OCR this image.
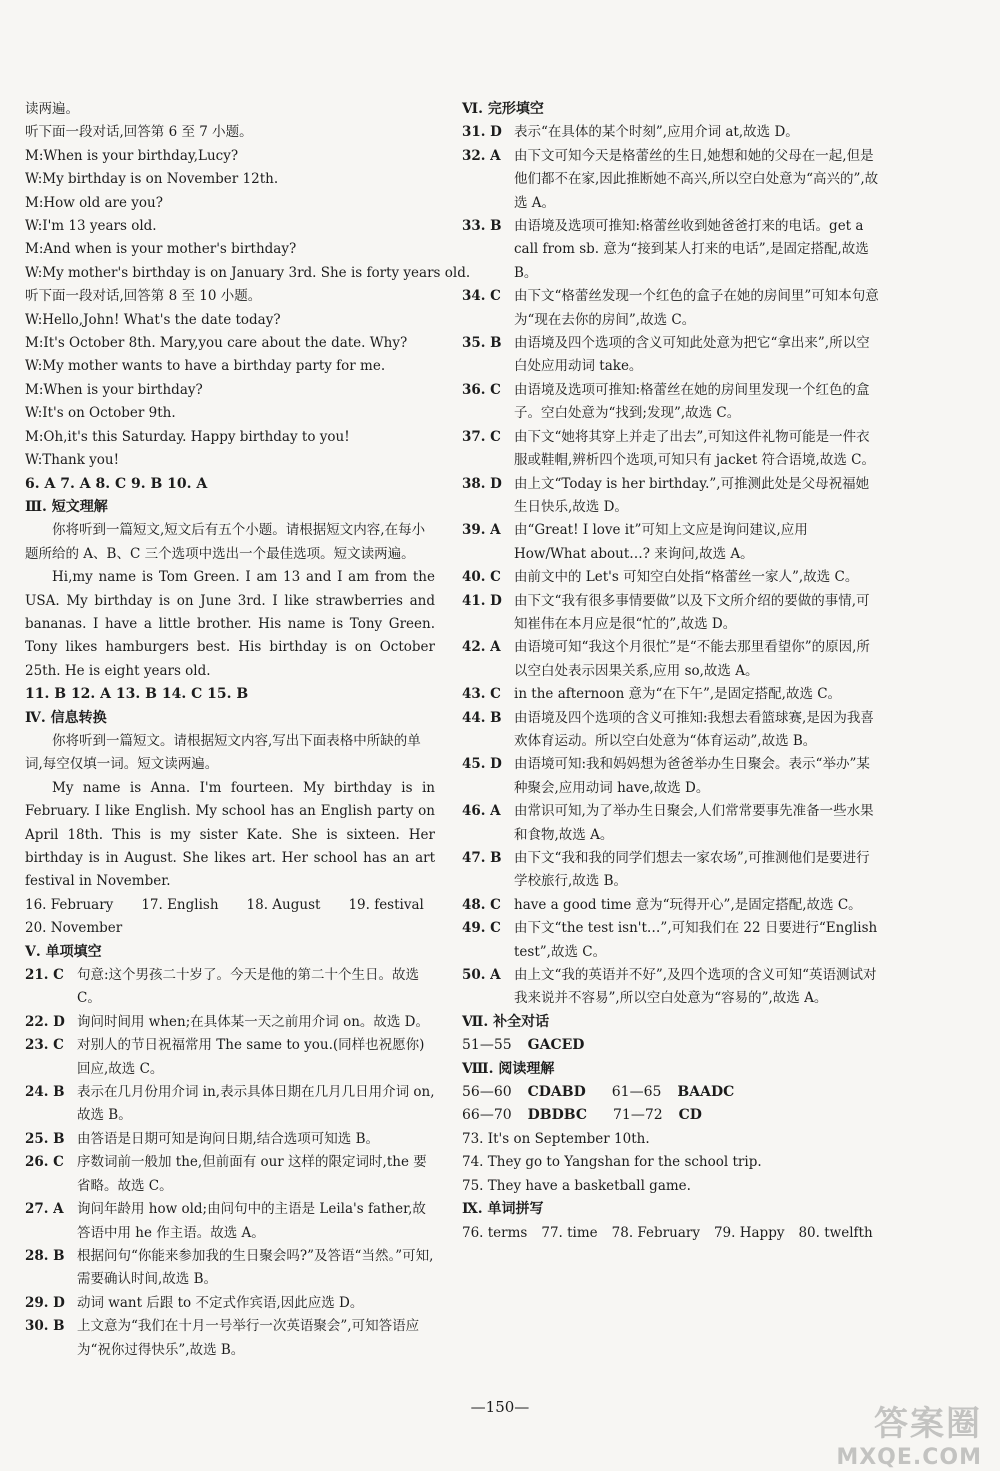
读两遍。
听下面一段对话,回答第 6 至 7 小题。
M:When is your birthday,Lucy?
W:My birthday is on November 12th.
M:How old are you?
W:I'm 13 years old.
M:And when is your mother's birthday?
W:My mother's birthday is on January 3rd. She is forty years old.
听下面一段对话,回答第 8 至 10 小题。
W:Hello,John! What's the date today?
M:It's October 8th. Mary,you care about the date. Why?
W:My mother wants to have a birthday party for me.
M:When is your birthday?
W:It's on October 9th.
M:Oh,it's this Saturday. Happy birthday to you!
W:Thank you!
6. A 7. A 8. C 9. B 10. A
Ⅲ. 短文理解
你将听到一篇短文,短文后有五个小题。请根据短文内容,在每小题所给的 A、B、C 三个选项中选出一个最佳选项。短文读两遍。
Hi,my name is Tom Green. I am 13 and I am from the USA. My birthday is on June 3rd. I like strawberries and bananas. I have a little brother. His name is Tony Green. Tony likes hamburgers best. His birthday is on October 25th. He is eight years old.
11. B 12. A 13. B 14. C 15. B
Ⅳ. 信息转换
你将听到一篇短文。请根据短文内容,写出下面表格中所缺的单词,每空仅填一词。短文读两遍。
My name is Anna. I'm fourteen. My birthday is in February. I like English. My school has an English party on April 18th. This is my sister Kate. She is sixteen. Her birthday is in August. She likes art. Her school has an art festival in November.
16. February 17. English 18. August 19. festival
20. November
Ⅴ. 单项填空
21. C 句意:这个男孩二十岁了。今天是他的第二十个生日。故选 C。
22. D 询问时间用 when;在具体某一天之前用介词 on。故选 D。
23. C 对别人的节日祝福常用 The same to you.(同样也祝愿你)回应,故选 C。
24. B 表示在几月份用介词 in,表示具体日期在几月几日用介词 on,故选 B。
25. B 由答语是日期可知是询问日期,结合选项可知选 B。
26. C 序数词前一般加 the,但前面有 our 这样的限定词时,the 要省略。故选 C。
27. A 询问年龄用 how old;由问句中的主语是 Leila's father,故答语中用 he 作主语。故选 A。
28. B 根据问句“你能来参加我的生日聚会吗?”及答语“当然。”可知,需要确认时间,故选 B。
29. D 动词 want 后跟 to 不定式作宾语,因此应选 D。
30. B 上文意为“我们在十月一号举行一次英语聚会”,可知答语应为“祝你过得快乐”,故选 B。
Ⅵ. 完形填空
31. D 表示“在具体的某个时刻”,应用介词 at,故选 D。
32. A 由下文可知今天是格蕾丝的生日,她想和她的父母在一起,但是他们都不在家,因此推断她不高兴,所以空白处意为“高兴的”,故选 A。
33. B 由语境及选项可推知:格蕾丝收到她爸爸打来的电话。get a call from sb. 意为“接到某人打来的电话”,是固定搭配,故选 B。
34. C 由下文“格蕾丝发现一个红色的盒子在她的房间里”可知本句意为“现在去你的房间”,故选 C。
35. B 由语境及四个选项的含义可知此处意为把它“拿出来”,所以空白处应用动词 take。
36. C 由语境及选项可推知:格蕾丝在她的房间里发现一个红色的盒子。空白处意为“找到;发现”,故选 C。
37. C 由下文“她将其穿上并走了出去”,可知这件礼物可能是一件衣服或鞋帽,辨析四个选项,可知只有 jacket 符合语境,故选 C。
38. D 由上文“Today is her birthday.”,可推测此处是父母祝福她生日快乐,故选 D。
39. A 由“Great! I love it”可知上文应是询问建议,应用 How/What about…? 来询问,故选 A。
40. C 由前文中的 Let's 可知空白处指“格蕾丝一家人”,故选 C。
41. D 由下文“我有很多事情要做”以及下文所介绍的要做的事情,可知崔伟在本月应是很“忙的”,故选 D。
42. A 由语境可知“我这个月很忙”是“不能去那里看望你”的原因,所以空白处表示因果关系,应用 so,故选 A。
43. C in the afternoon 意为“在下午”,是固定搭配,故选 C。
44. B 由语境及四个选项的含义可推知:我想去看篮球赛,是因为我喜欢体育运动。所以空白处意为“体育运动”,故选 B。
45. D 由语境可知:我和妈妈想为爸爸举办生日聚会。表示“举办”某种聚会,应用动词 have,故选 D。
46. A 由常识可知,为了举办生日聚会,人们常常要事先准备一些水果和食物,故选 A。
47. B 由下文“我和我的同学们想去一家农场”,可推测他们是要进行学校旅行,故选 B。
48. C have a good time 意为“玩得开心”,是固定搭配,故选 C。
49. C 由下文“the test isn't…”,可知我们在 22 日要进行“English test”,故选 C。
50. A 由上文“我的英语并不好”,及四个选项的含义可知“英语测试对我来说并不容易”,所以空白处意为“容易的”,故选 A。
Ⅶ. 补全对话
51—55 GACED
Ⅷ. 阅读理解
56—60 CDABD 61—65 BAADC
66—70 DBDBC 71—72 CD
73. It's on September 10th.
74. They go to Yangshan for the school trip.
75. They have a basketball game.
Ⅸ. 单词拼写
76. terms 77. time 78. February 79. Happy 80. twelfth
—150—	答案圈
MXQE.COM
